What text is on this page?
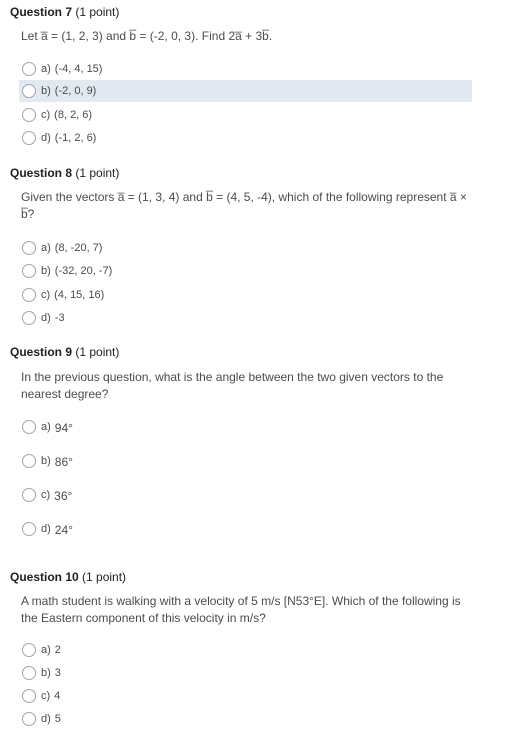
Question 7 (1 point)
Let a̅ = (1, 2, 3) and b̅ = (-2, 0, 3). Find 2a̅ + 3b̅.
a) (-4, 4, 15)
b) (-2, 0, 9)
c) (8, 2, 6)
d) (-1, 2, 6)
Question 8 (1 point)
Given the vectors a̅ = (1, 3, 4) and b̅ = (4, 5, -4), which of the following represent a̅ ×
b̅?
a) (8, -20, 7)
b) (-32, 20, -7)
c) (4, 15, 16)
d) -3
Question 9 (1 point)
In the previous question, what is the angle between the two given vectors to the
nearest degree?
a) 94°
b) 86°
c) 36°
d) 24°
Question 10 (1 point)
A math student is walking with a velocity of 5 m/s [N53°E]. Which of the following is
the Eastern component of this velocity in m/s?
a) 2
b) 3
c) 4
d) 5
